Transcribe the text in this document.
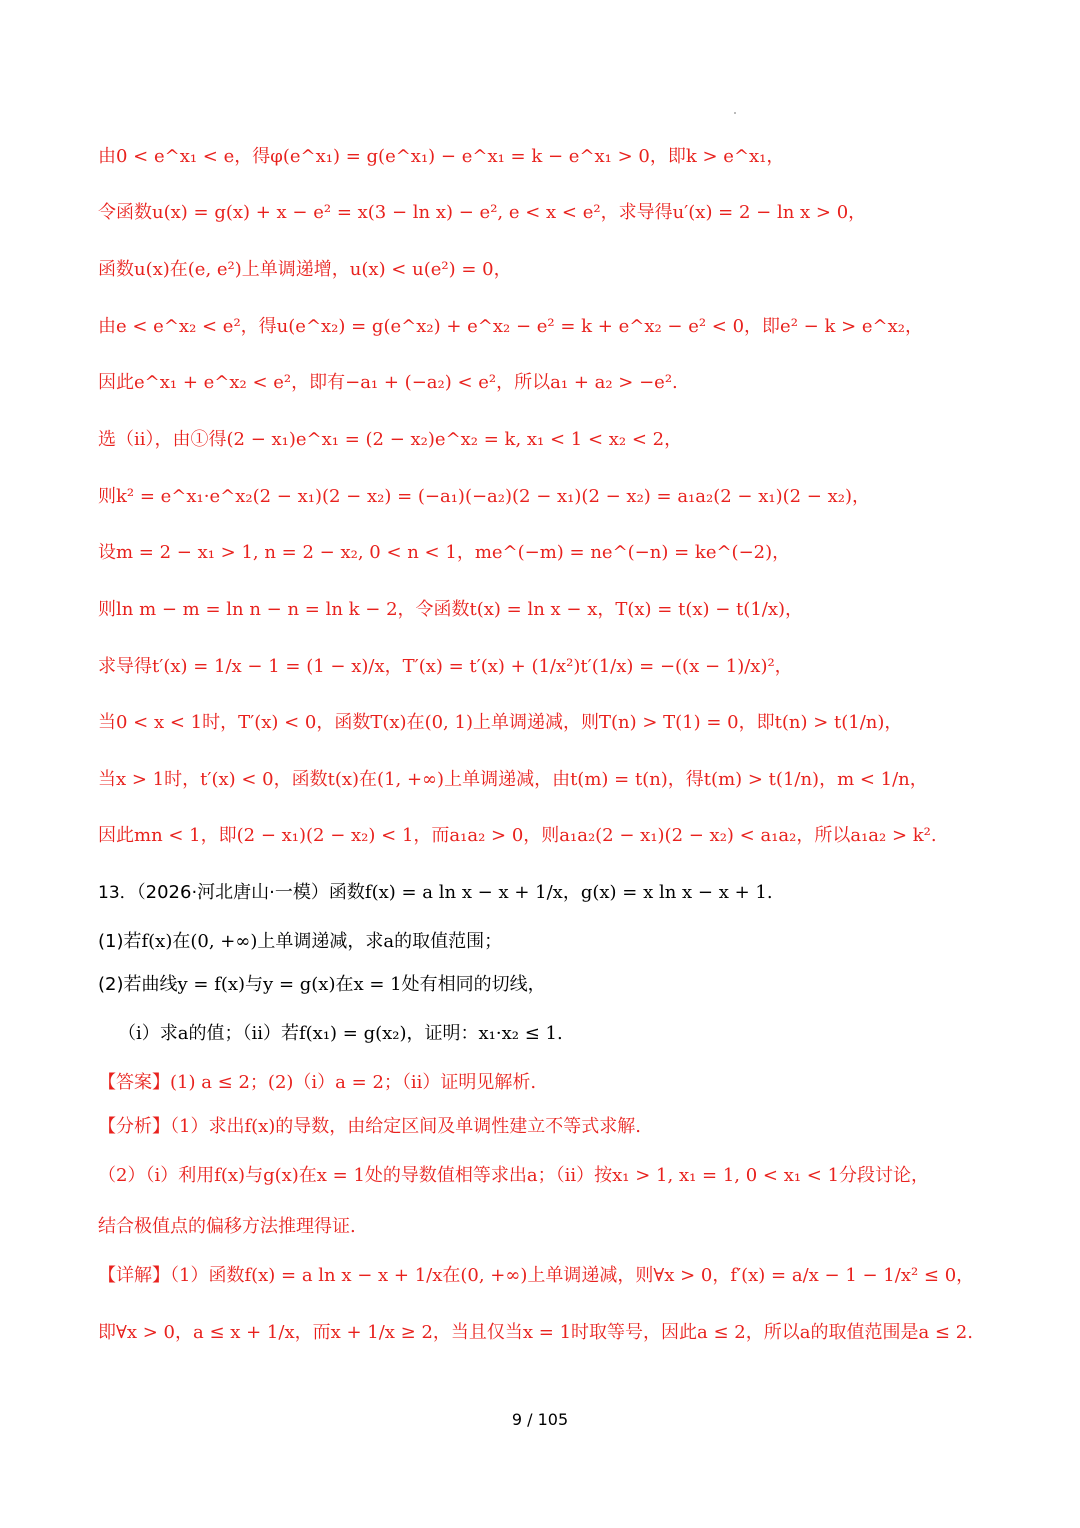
由0 < e^x₁ < e，得φ(e^x₁) = g(e^x₁) − e^x₁ = k − e^x₁ > 0，即k > e^x₁，
令函数u(x) = g(x) + x − e² = x(3 − ln x) − e², e < x < e²，求导得u′(x) = 2 − ln x > 0，
函数u(x)在(e, e²)上单调递增，u(x) < u(e²) = 0，
由e < e^x₂ < e²，得u(e^x₂) = g(e^x₂) + e^x₂ − e² = k + e^x₂ − e² < 0，即e² − k > e^x₂，
因此e^x₁ + e^x₂ < e²，即有−a₁ + (−a₂) < e²，所以a₁ + a₂ > −e².
选（ⅱ），由①得(2 − x₁)e^x₁ = (2 − x₂)e^x₂ = k, x₁ < 1 < x₂ < 2，
则k² = e^x₁·e^x₂(2 − x₁)(2 − x₂) = (−a₁)(−a₂)(2 − x₁)(2 − x₂) = a₁a₂(2 − x₁)(2 − x₂)，
设m = 2 − x₁ > 1, n = 2 − x₂, 0 < n < 1，me^(−m) = ne^(−n) = ke^(−2)，
则ln m − m = ln n − n = ln k − 2，令函数t(x) = ln x − x，T(x) = t(x) − t(1/x)，
求导得t′(x) = 1/x − 1 = (1 − x)/x，T′(x) = t′(x) + (1/x²)t′(1/x) = −((x − 1)/x)²，
当0 < x < 1时，T′(x) < 0，函数T(x)在(0, 1)上单调递减，则T(n) > T(1) = 0，即t(n) > t(1/n)，
当x > 1时，t′(x) < 0，函数t(x)在(1, +∞)上单调递减，由t(m) = t(n)，得t(m) > t(1/n)，m < 1/n，
因此mn < 1，即(2 − x₁)(2 − x₂) < 1，而a₁a₂ > 0，则a₁a₂(2 − x₁)(2 − x₂) < a₁a₂，所以a₁a₂ > k².
13．（2026·河北唐山·一模）函数f(x) = a ln x − x + 1/x，g(x) = x ln x − x + 1.
(1)若f(x)在(0, +∞)上单调递减，求a的取值范围；
(2)若曲线y = f(x)与y = g(x)在x = 1处有相同的切线，
（ⅰ）求a的值；（ⅱ）若f(x₁) = g(x₂)，证明：x₁·x₂ ≤ 1.
【答案】(1) a ≤ 2；(2)（ⅰ）a = 2；（ⅱ）证明见解析.
【分析】（1）求出f(x)的导数，由给定区间及单调性建立不等式求解.
（2）（ⅰ）利用f(x)与g(x)在x = 1处的导数值相等求出a；（ⅱ）按x₁ > 1, x₁ = 1, 0 < x₁ < 1分段讨论，
结合极值点的偏移方法推理得证.
【详解】（1）函数f(x) = a ln x − x + 1/x在(0, +∞)上单调递减，则∀x > 0，f′(x) = a/x − 1 − 1/x² ≤ 0，
即∀x > 0，a ≤ x + 1/x，而x + 1/x ≥ 2，当且仅当x = 1时取等号，因此a ≤ 2，所以a的取值范围是a ≤ 2.
9 / 105
